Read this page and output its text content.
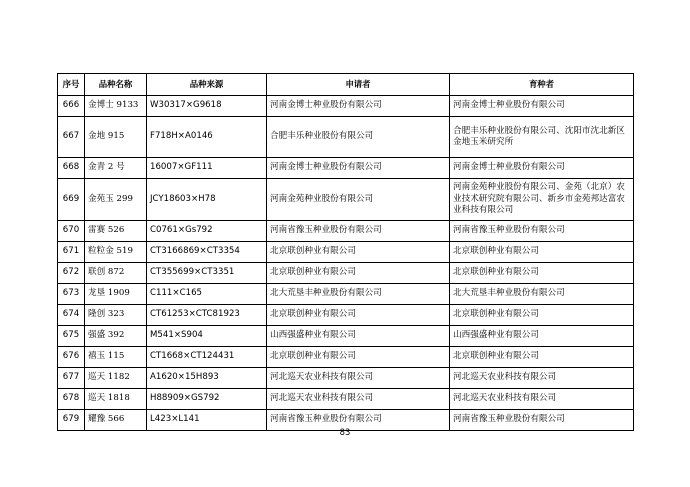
序号	品种名称	品种来源	申请者	育种者
666	金博士 9133	W30317×G9618	河南金博士种业股份有限公司	河南金博士种业股份有限公司
667	金地 915	F718H×A0146	合肥丰乐种业股份有限公司	合肥丰乐种业股份有限公司、沈阳市沈北新区金地玉米研究所
668	金青 2 号	16007×GF111	河南金博士种业股份有限公司	河南金博士种业股份有限公司
669	金苑玉 299	JCY18603×H78	河南金苑种业股份有限公司	河南金苑种业股份有限公司、金苑（北京）农业技术研究院有限公司、新乡市金苑邦达富农业科技有限公司
670	雷赛 526	C0761×Gs792	河南省豫玉种业股份有限公司	河南省豫玉种业股份有限公司
671	粒粒金 519	CT3166869×CT3354	北京联创种业有限公司	北京联创种业有限公司
672	联创 872	CT355699×CT3351	北京联创种业有限公司	北京联创种业有限公司
673	龙垦 1909	C111×C165	北大荒垦丰种业股份有限公司	北大荒垦丰种业股份有限公司
674	隆创 323	CT61253×CTC81923	北京联创种业有限公司	北京联创种业有限公司
675	强盛 392	M541×S904	山西强盛种业有限公司	山西强盛种业有限公司
676	禧玉 115	CT1668×CT124431	北京联创种业有限公司	北京联创种业有限公司
677	巡天 1182	A1620×15H893	河北巡天农业科技有限公司	河北巡天农业科技有限公司
678	巡天 1818	H88909×GS792	河北巡天农业科技有限公司	河北巡天农业科技有限公司
679	耀豫 566	L423×L141	河南省豫玉种业股份有限公司	河南省豫玉种业股份有限公司
83
